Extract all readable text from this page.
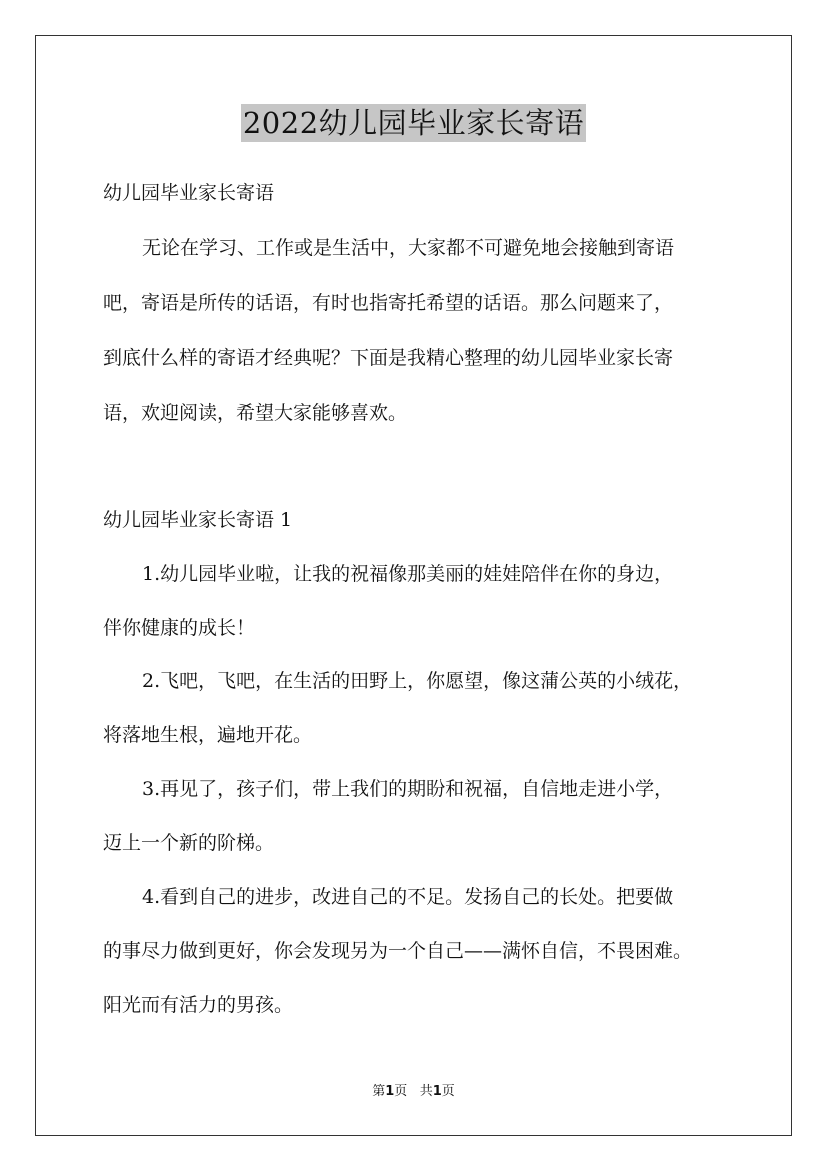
2022幼儿园毕业家长寄语
幼儿园毕业家长寄语
无论在学习、工作或是生活中，大家都不可避免地会接触到寄语
吧，寄语是所传的话语，有时也指寄托希望的话语。那么问题来了，
到底什么样的寄语才经典呢？下面是我精心整理的幼儿园毕业家长寄
语，欢迎阅读，希望大家能够喜欢。
幼儿园毕业家长寄语 1
1.幼儿园毕业啦，让我的祝福像那美丽的娃娃陪伴在你的身边，
伴你健康的成长！
2.飞吧，飞吧，在生活的田野上，你愿望，像这蒲公英的小绒花，
将落地生根，遍地开花。
3.再见了，孩子们，带上我们的期盼和祝福，自信地走进小学，
迈上一个新的阶梯。
4.看到自己的进步，改进自己的不足。发扬自己的长处。把要做
的事尽力做到更好，你会发现另为一个自己——满怀自信，不畏困难。
阳光而有活力的男孩。
第1页 共1页
